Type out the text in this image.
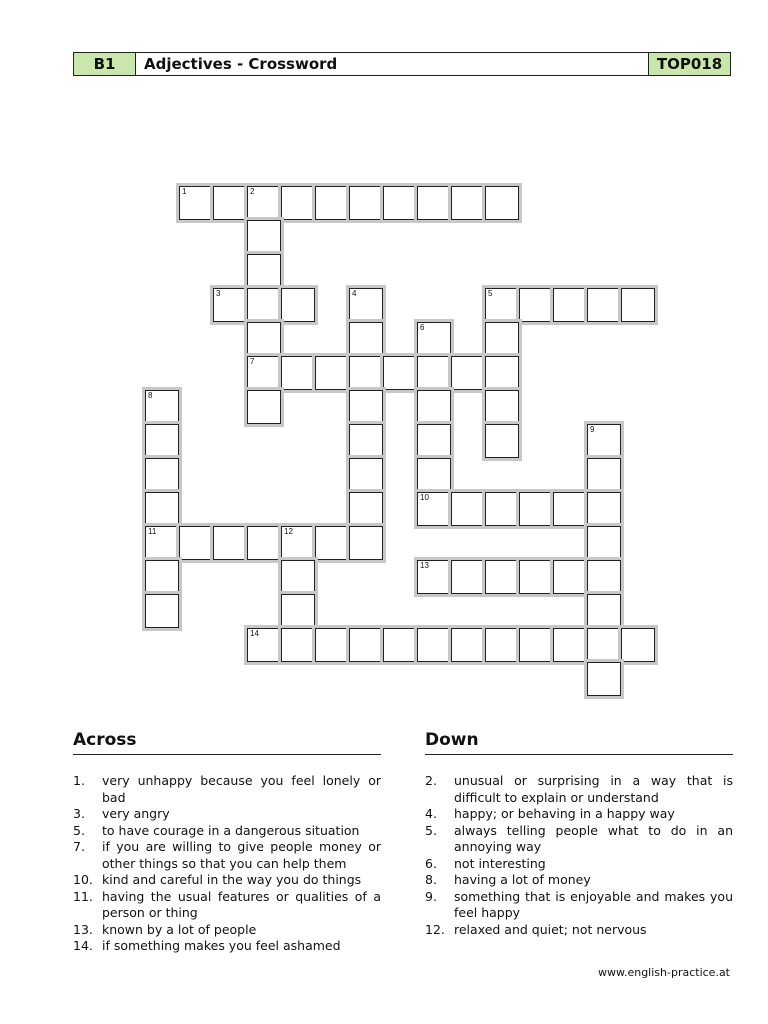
B1	Adjectives - Crossword	TOP018
1	2
3	4	5
6
7
8
9
10
11	12
13
14
Across
1.	very unhappy because you feel lonely or bad
3.	very angry
5.	to have courage in a dangerous situation
7.	if you are willing to give people money or other things so that you can help them
10. kind and careful in the way you do things
11. having the usual features or qualities of a person or thing
13. known by a lot of people
14. if something makes you feel ashamed
Down
2.	unusual or surprising in a way that is difficult to explain or understand
4.	happy; or behaving in a happy way
5.	always telling people what to do in an annoying way
6.	not interesting
8.	having a lot of money
9.	something that is enjoyable and makes you feel happy
12. relaxed and quiet; not nervous
www.english-practice.at
